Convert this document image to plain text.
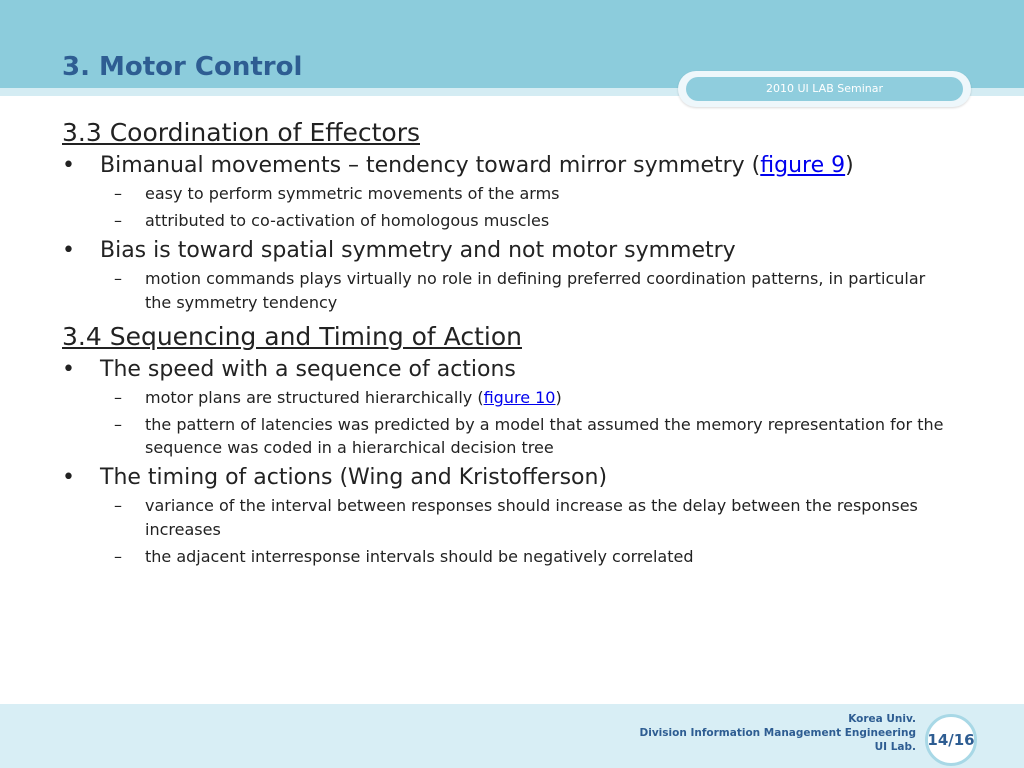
3. Motor Control
2010 UI LAB Seminar

3.3 Coordination of Effectors

• Bimanual movements – tendency toward mirror symmetry (figure 9)

– easy to perform symmetric movements of the arms

– attributed to co-activation of homologous muscles

• Bias is toward spatial symmetry and not motor symmetry

– motion commands plays virtually no role in defining preferred coordination patterns, in particular the symmetry tendency

3.4 Sequencing and Timing of Action

• The speed with a sequence of actions

– motor plans are structured hierarchically (figure 10)

– the pattern of latencies was predicted by a model that assumed the memory representation for the sequence was coded in a hierarchical decision tree

• The timing of actions (Wing and Kristofferson)

– variance of the interval between responses should increase as the delay between the responses increases

– the adjacent interresponse intervals should be negatively correlated

Korea Univ.
Division Information Management Engineering
UI Lab. 14/16
